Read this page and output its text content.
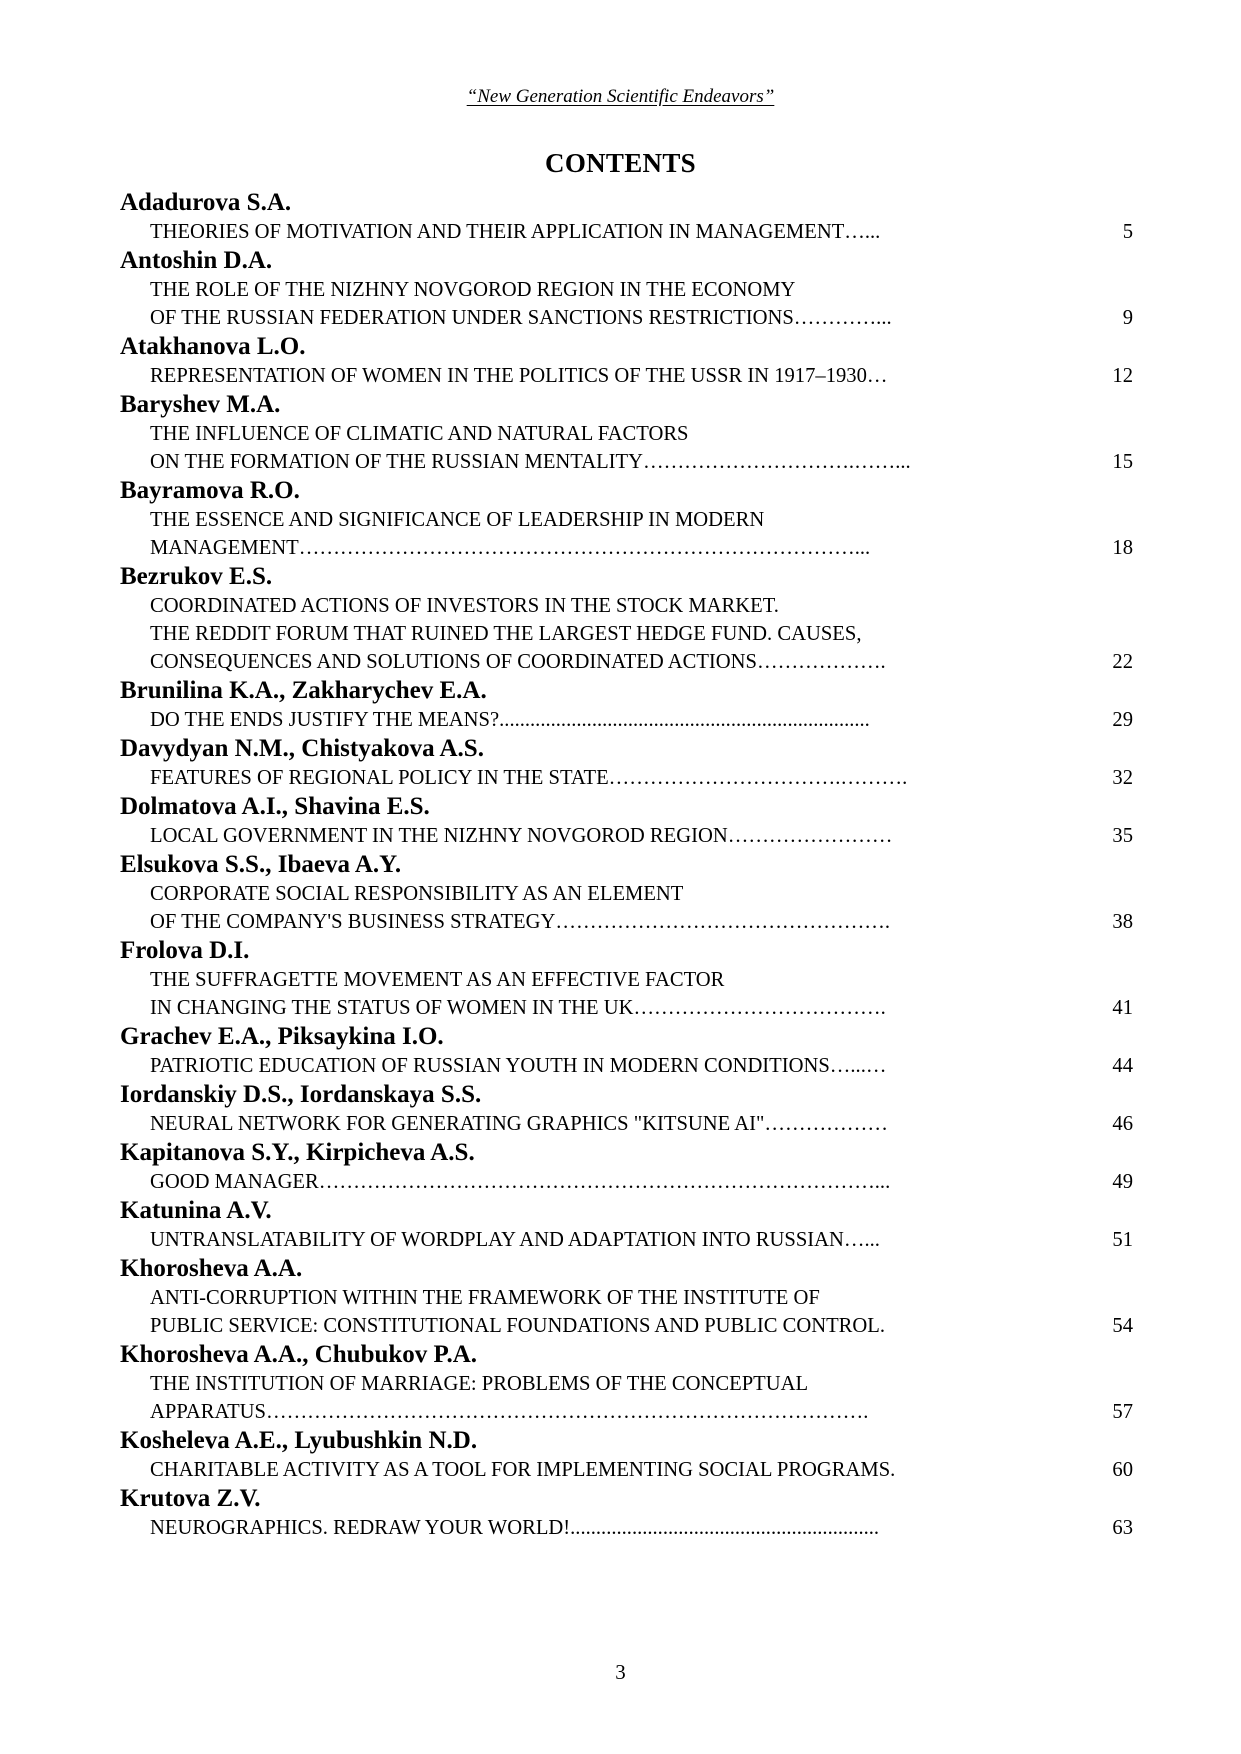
“New Generation Scientific Endeavors”
CONTENTS
Adadurova S.A.
THEORIES OF MOTIVATION AND THEIR APPLICATION IN MANAGEMENT…...	5
Antoshin D.A.
THE ROLE OF THE NIZHNY NOVGOROD REGION IN THE ECONOMY
OF THE RUSSIAN FEDERATION UNDER SANCTIONS RESTRICTIONS…………...	9
Atakhanova L.O.
REPRESENTATION OF WOMEN IN THE POLITICS OF THE USSR IN 1917–1930…	12
Baryshev M.A.
THE INFLUENCE OF CLIMATIC AND NATURAL FACTORS
ON THE FORMATION OF THE RUSSIAN MENTALITY………………………….……...	15
Bayramova R.O.
THE ESSENCE AND SIGNIFICANCE OF LEADERSHIP IN MODERN
MANAGEMENT………………………………………………………………………...	18
Bezrukov E.S.
COORDINATED ACTIONS OF INVESTORS IN THE STOCK MARKET.
THE REDDIT FORUM THAT RUINED THE LARGEST HEDGE FUND. CAUSES,
CONSEQUENCES AND SOLUTIONS OF COORDINATED ACTIONS……………….	22
Brunilina K.A., Zakharychev E.A.
DO THE ENDS JUSTIFY THE MEANS?........................................................................	29
Davydyan N.M., Chistyakova A.S.
FEATURES OF REGIONAL POLICY IN THE STATE…………………………….……….	32
Dolmatova A.I., Shavina E.S.
LOCAL GOVERNMENT IN THE NIZHNY NOVGOROD REGION……………………	35
Elsukova S.S., Ibaeva A.Y.
CORPORATE SOCIAL RESPONSIBILITY AS AN ELEMENT
OF THE COMPANY'S BUSINESS STRATEGY………………………………………….	38
Frolova D.I.
THE SUFFRAGETTE MOVEMENT AS AN EFFECTIVE FACTOR
IN CHANGING THE STATUS OF WOMEN IN THE UK……………………………….	41
Grachev E.A., Piksaykina I.O.
PATRIOTIC EDUCATION OF RUSSIAN YOUTH IN MODERN CONDITIONS…...…	44
Iordanskiy D.S., Iordanskaya S.S.
NEURAL NETWORK FOR GENERATING GRAPHICS "KITSUNE AI"………………	46
Kapitanova S.Y., Kirpicheva A.S.
GOOD MANAGER………………………………………………………………………...	49
Katunina A.V.
UNTRANSLATABILITY OF WORDPLAY AND ADAPTATION INTO RUSSIAN…...	51
Khorosheva A.A.
ANTI-CORRUPTION WITHIN THE FRAMEWORK OF THE INSTITUTE OF
PUBLIC SERVICE: CONSTITUTIONAL FOUNDATIONS AND PUBLIC CONTROL.	54
Khorosheva A.A., Chubukov P.A.
THE INSTITUTION OF MARRIAGE: PROBLEMS OF THE CONCEPTUAL
APPARATUS…………………………………………………………………………….	57
Kosheleva A.E., Lyubushkin N.D.
CHARITABLE ACTIVITY AS A TOOL FOR IMPLEMENTING SOCIAL PROGRAMS.	60
Krutova Z.V.
NEUROGRAPHICS. REDRAW YOUR WORLD!............................................................	63
3
